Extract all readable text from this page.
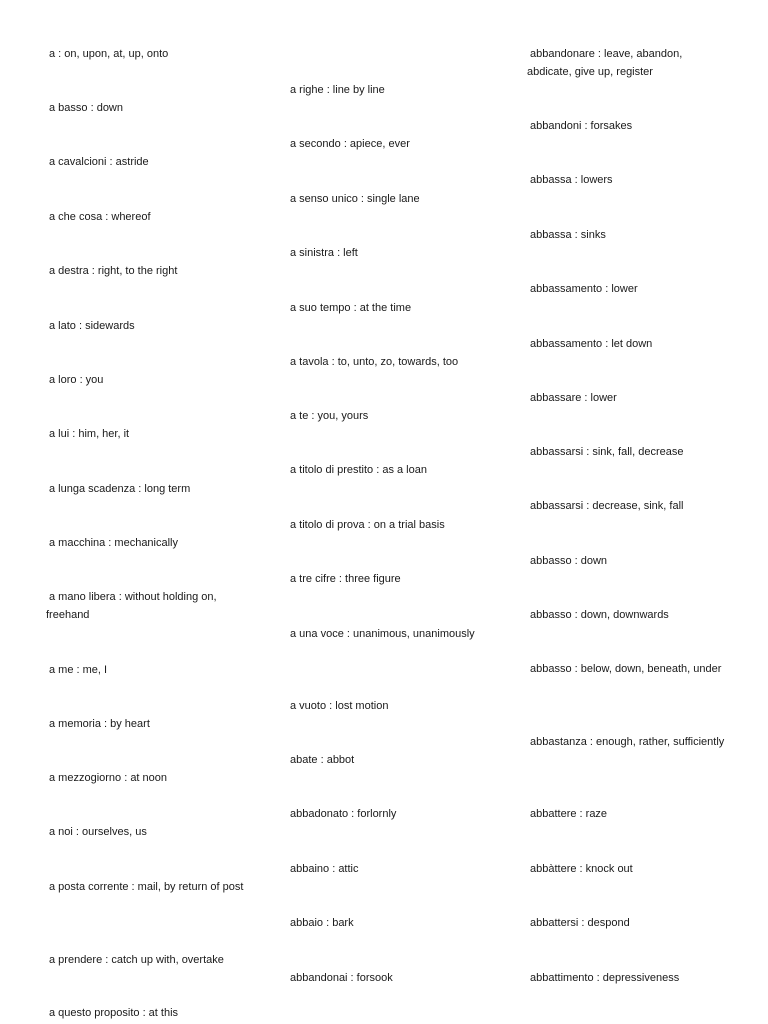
a : on, upon, at, up, onto
a basso : down
a cavalcioni : astride
a che cosa : whereof
a destra : right, to the right
a lato : sidewards
a loro : you
a lui : him, her, it
a lunga scadenza : long term
a macchina : mechanically
a mano libera : without holding on, freehand
a me : me, I
a memoria : by heart
a mezzogiorno : at noon
a noi : ourselves, us
a posta corrente : mail, by return of post
a prendere : catch up with, overtake
a questo proposito : at this
a righe : line by line
a secondo : apiece, ever
a senso unico : single lane
a sinistra : left
a suo tempo : at the time
a tavola : to, unto, zo, towards, too
a te : you, yours
a titolo di prestito : as a loan
a titolo di prova : on a trial basis
a tre cifre : three figure
a una voce : unanimous, unanimously
a vuoto : lost motion
abate : abbot
abbadonato : forlornly
abbaino : attic
abbaio : bark
abbandonai : forsook
abbandonare : leave, abandon, abdicate, give up, register
abbandoni : forsakes
abbassa : lowers
abbassa : sinks
abbassamento : lower
abbassamento : let down
abbassare : lower
abbassarsi : sink, fall, decrease
abbassarsi : decrease, sink, fall
abbasso : down
abbasso : down, downwards
abbasso : below, down, beneath, under
abbastanza : enough, rather, sufficiently
abbattere : raze
abbàttere : knock out
abbattersi : despond
abbattimento : depressiveness
